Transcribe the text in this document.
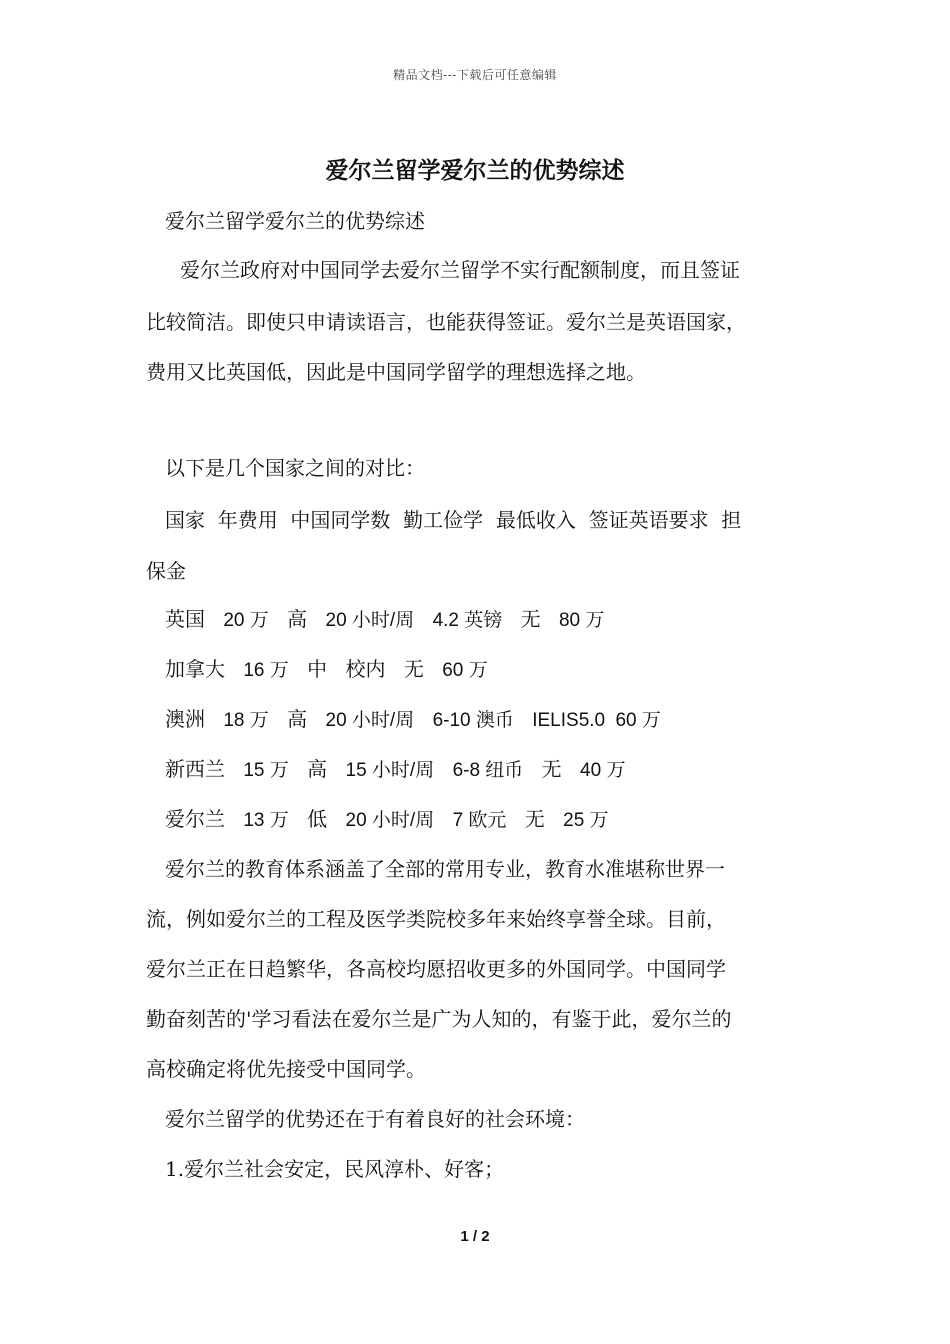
精品文档---下载后可任意编辑
爱尔兰留学爱尔兰的优势综述
爱尔兰留学爱尔兰的优势综述
爱尔兰政府对中国同学去爱尔兰留学不实行配额制度，而且签证
比较简洁。即使只申请读语言，也能获得签证。爱尔兰是英语国家，
费用又比英国低，因此是中国同学留学的理想选择之地。
以下是几个国家之间的对比：
国家  年费用  中国同学数  勤工俭学  最低收入  签证英语要求  担
保金
英国 20 万 高 20 小时/周 4.2 英镑 无 80 万
加拿大 16 万 中 校内 无 60 万
澳洲 18 万 高 20 小时/周 6-10 澳币 IELIS5.0 60 万
新西兰 15 万 高 15 小时/周 6-8 纽币 无 40 万
爱尔兰 13 万 低 20 小时/周 7 欧元 无 25 万
爱尔兰的教育体系涵盖了全部的常用专业，教育水准堪称世界一
流，例如爱尔兰的工程及医学类院校多年来始终享誉全球。目前，
爱尔兰正在日趋繁华，各高校均愿招收更多的外国同学。中国同学
勤奋刻苦的'学习看法在爱尔兰是广为人知的，有鉴于此，爱尔兰的
高校确定将优先接受中国同学。
爱尔兰留学的优势还在于有着良好的社会环境：
1.爱尔兰社会安定，民风淳朴、好客；
1 / 2
